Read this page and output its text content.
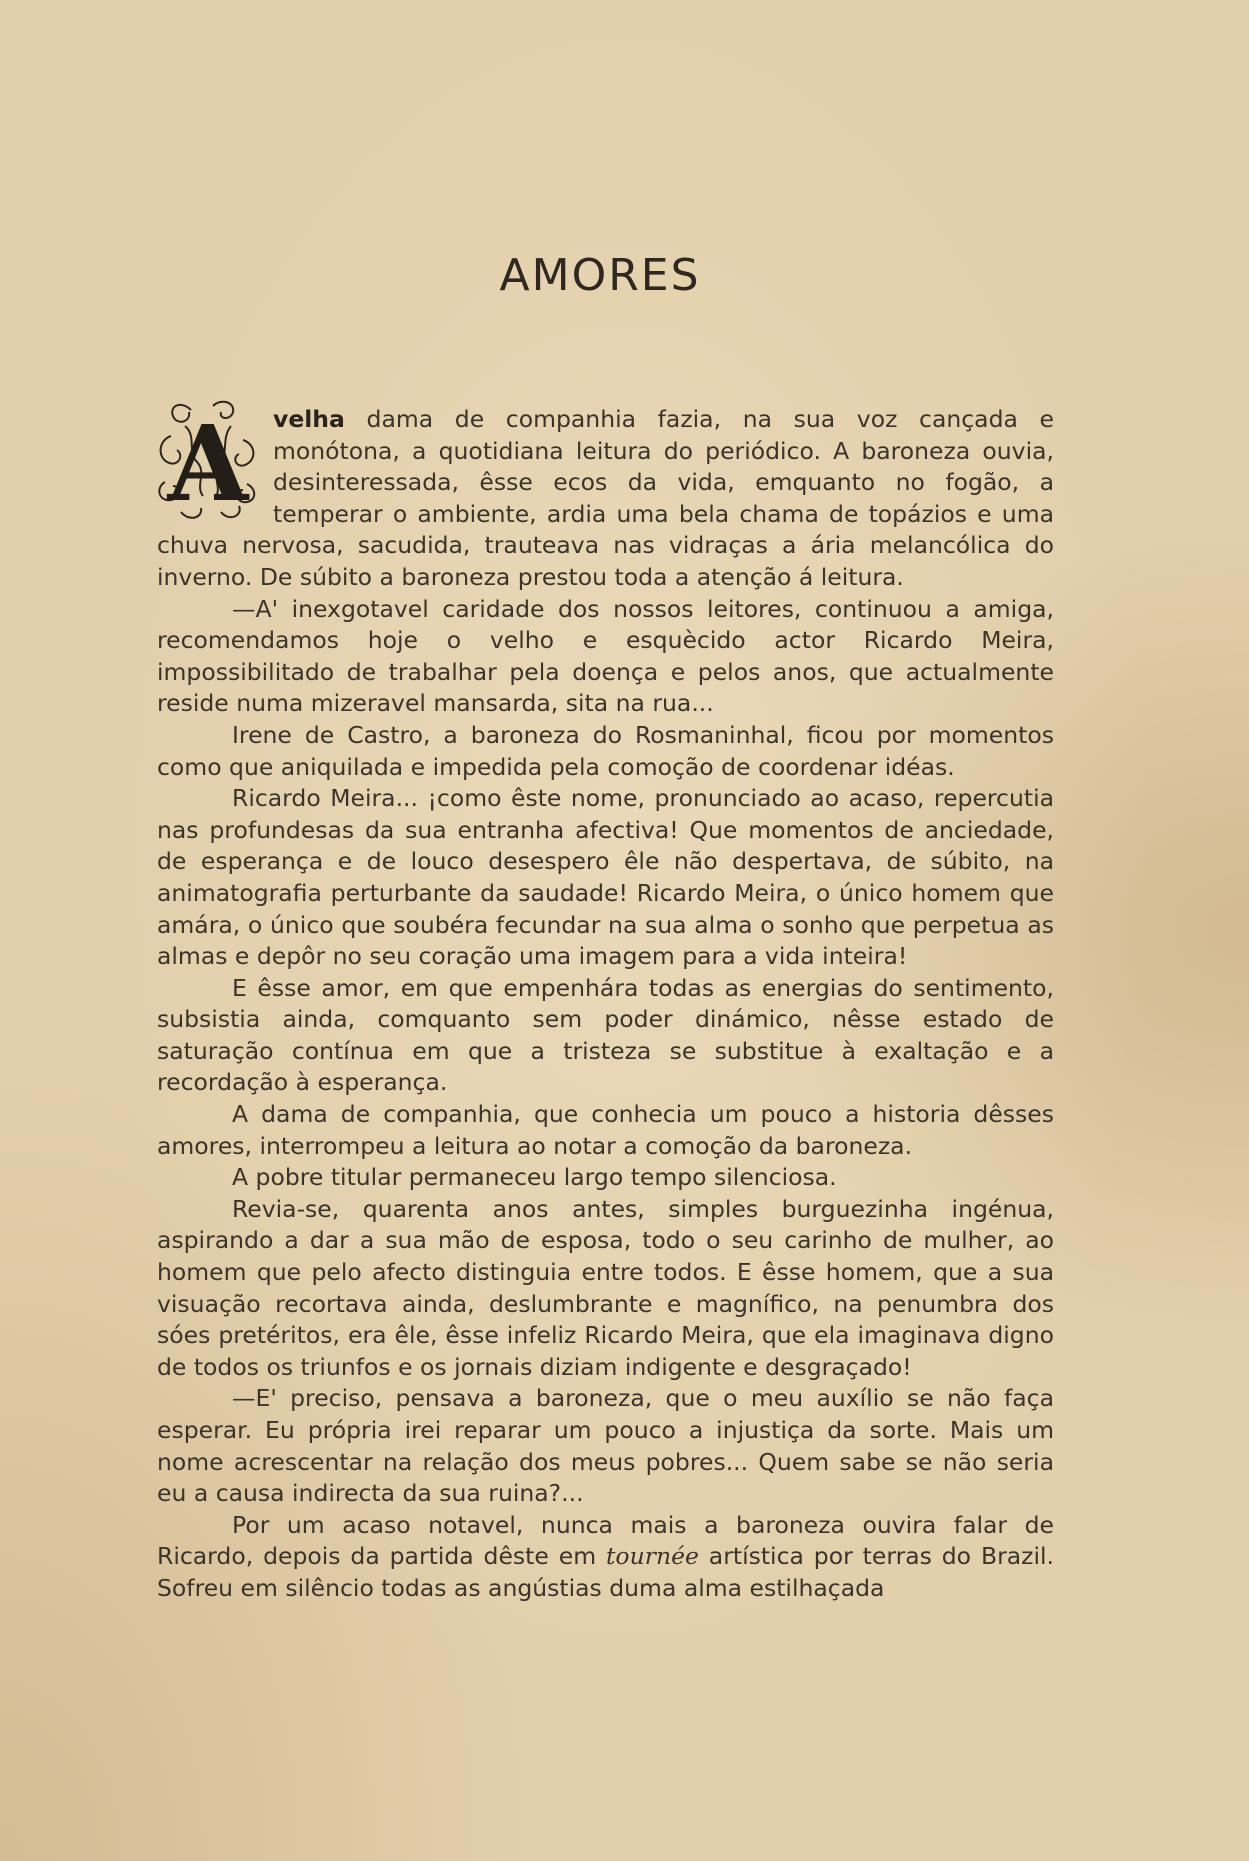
AMORES

A velha dama de companhia fazia, na sua voz cançada e monótona, a quotidiana leitura do periódico. A baroneza ouvia, desinteressada, êsse ecos da vida, emquanto no fogão, a temperar o ambiente, ardia uma bela chama de topázios e uma chuva nervosa, sacudida, trauteava nas vidraças a ária melancólica do inverno. De súbito a baroneza prestou toda a atenção á leitura.

—A' inexgotavel caridade dos nossos leitores, continuou a amiga, recomendamos hoje o velho e esquècido actor Ricardo Meira, impossibilitado de trabalhar pela doença e pelos anos, que actualmente reside numa mizeravel mansarda, sita na rua...

Irene de Castro, a baroneza do Rosmaninhal, ficou por momentos como que aniquilada e impedida pela comoção de coordenar idéas.

Ricardo Meira... ¡como êste nome, pronunciado ao acaso, repercutia nas profundesas da sua entranha afectiva! Que momentos de anciedade, de esperança e de louco desespero êle não despertava, de súbito, na animatografia perturbante da saudade! Ricardo Meira, o único homem que amára, o único que soubéra fecundar na sua alma o sonho que perpetua as almas e depôr no seu coração uma imagem para a vida inteira!

E êsse amor, em que empenhára todas as energias do sentimento, subsistia ainda, comquanto sem poder dinámico, nêsse estado de saturação contínua em que a tristeza se substitue à exaltação e a recordação à esperança.

A dama de companhia, que conhecia um pouco a historia dêsses amores, interrompeu a leitura ao notar a comoção da baroneza.

A pobre titular permaneceu largo tempo silenciosa.

Revia-se, quarenta anos antes, simples burguezinha ingénua, aspirando a dar a sua mão de esposa, todo o seu carinho de mulher, ao homem que pelo afecto distinguia entre todos. E êsse homem, que a sua visuação recortava ainda, deslumbrante e magnífico, na penumbra dos sóes pretéritos, era êle, êsse infeliz Ricardo Meira, que ela imaginava digno de todos os triunfos e os jornais diziam indigente e desgraçado!

—E' preciso, pensava a baroneza, que o meu auxílio se não faça esperar. Eu própria irei reparar um pouco a injustiça da sorte. Mais um nome acrescentar na relação dos meus pobres... Quem sabe se não seria eu a causa indirecta da sua ruina?...

Por um acaso notavel, nunca mais a baroneza ouvira falar de Ricardo, depois da partida dêste em tournée artística por terras do Brazil. Sofreu em silêncio todas as angústias duma alma estilhaçada
